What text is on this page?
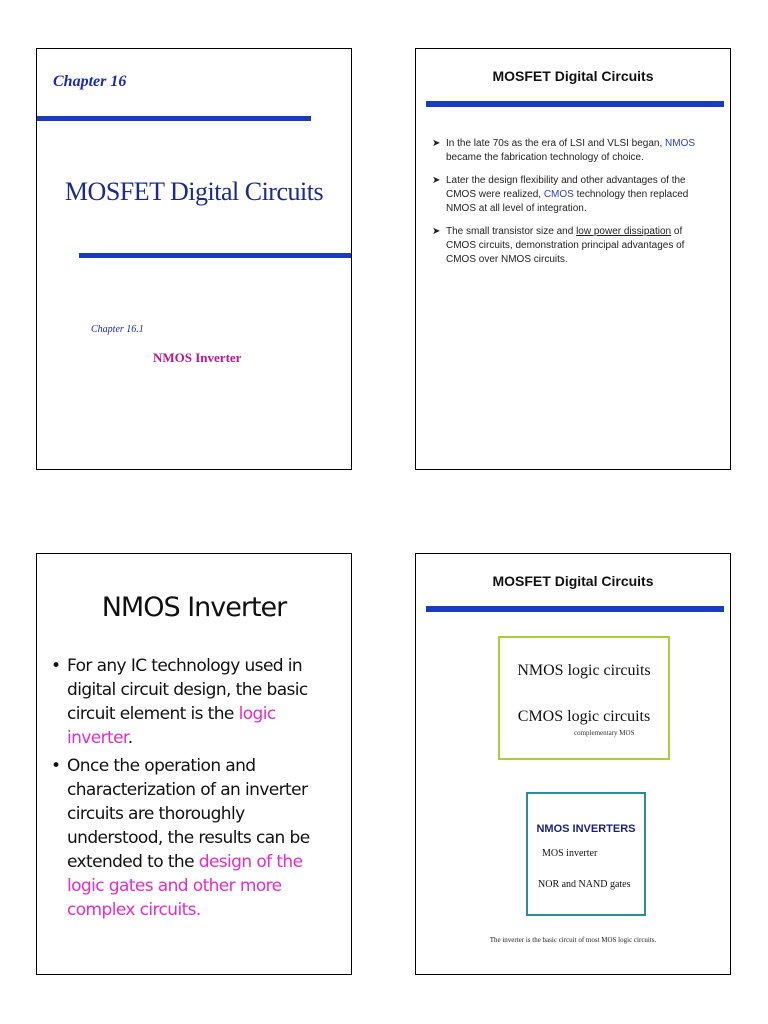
Chapter 16
MOSFET Digital Circuits
Chapter 16.1
NMOS Inverter
MOSFET Digital Circuits
➤ In the late 70s as the era of LSI and VLSI began, NMOS became the fabrication technology of choice.
➤ Later the design flexibility and other advantages of the CMOS were realized, CMOS technology then replaced NMOS at all level of integration.
➤ The small transistor size and low power dissipation of CMOS circuits, demonstration principal advantages of CMOS over NMOS circuits.
NMOS Inverter
• For any IC technology used in digital circuit design, the basic circuit element is the logic inverter.
• Once the operation and characterization of an inverter circuits are thoroughly understood, the results can be extended to the design of the logic gates and other more complex circuits.
MOSFET Digital Circuits
NMOS logic circuits
CMOS logic circuits
complementary MOS
NMOS INVERTERS
MOS inverter
NOR and NAND gates
The inverter is the basic circuit of most MOS logic circuits.
